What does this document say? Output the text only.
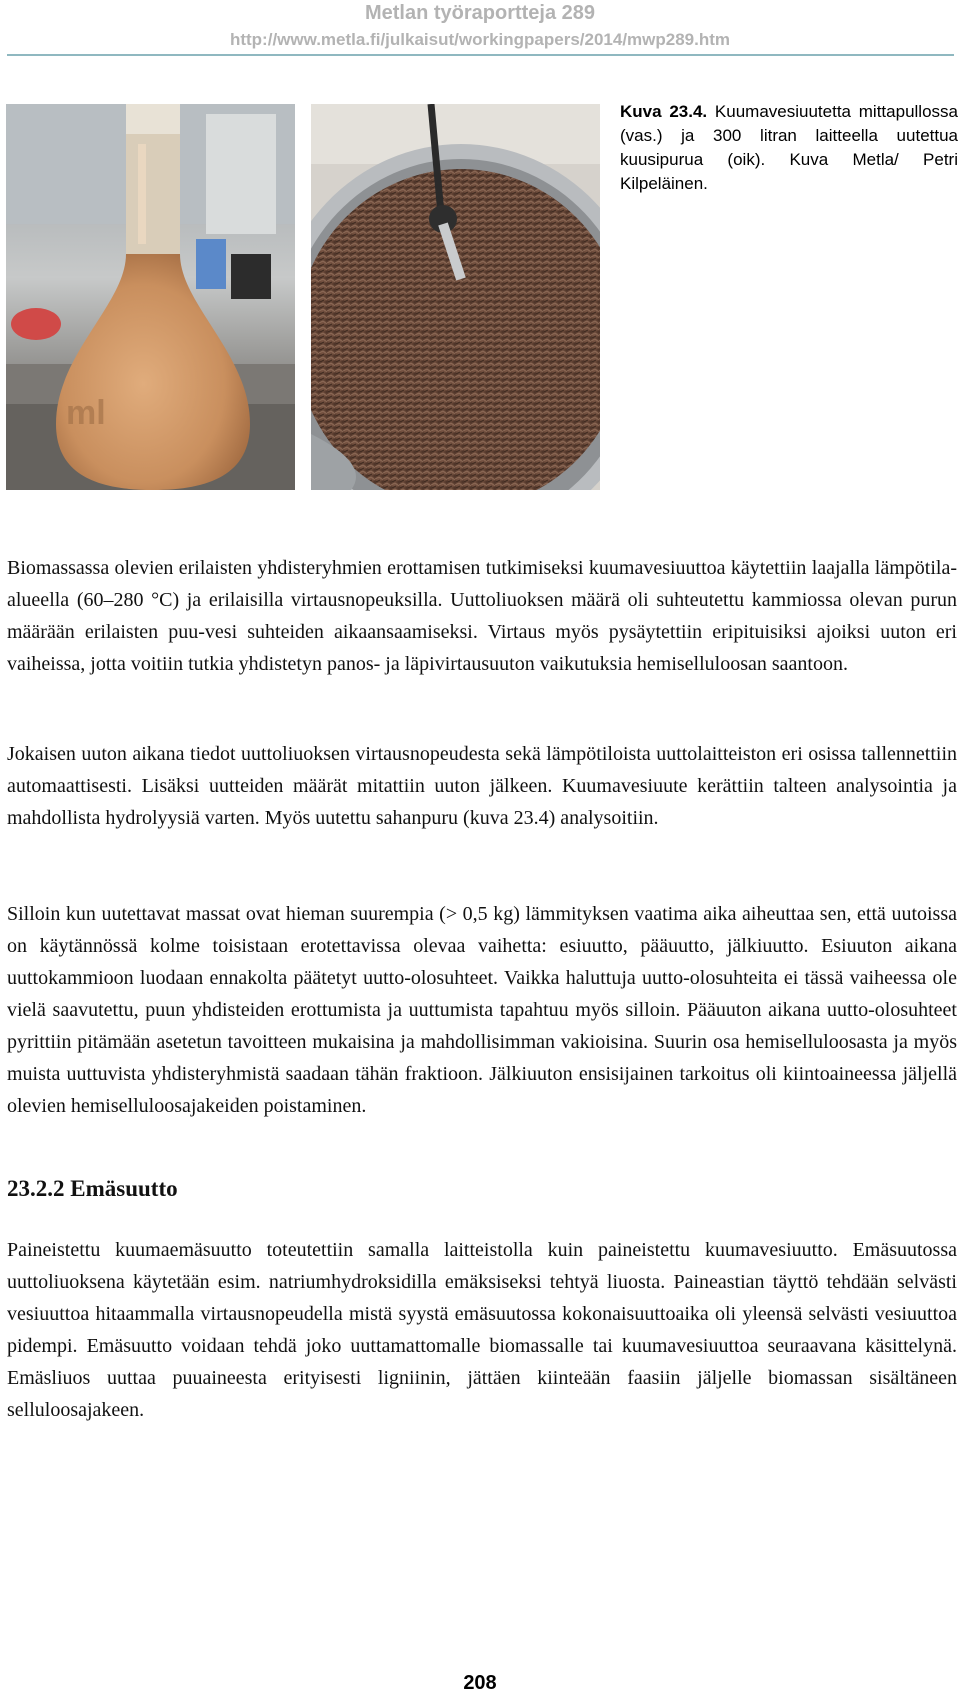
Metlan työraportteja 289
http://www.metla.fi/julkaisut/workingpapers/2014/mwp289.htm
ml
Kuva 23.4. Kuumavesiuutetta mittapullossa (vas.) ja 300 litran laitteella uutettua kuusipurua (oik). Kuva Metla/ Petri Kilpeläinen.

Biomassassa olevien erilaisten yhdisteryhmien erottamisen tutkimiseksi kuumavesiuuttoa käytettiin laajalla lämpötila-alueella (60–280 °C) ja erilaisilla virtausnopeuksilla. Uuttoliuoksen määrä oli suhteutettu kammiossa olevan purun määrään erilaisten puu-vesi suhteiden aikaansaamiseksi. Virtaus myös pysäytettiin eripituisiksi ajoiksi uuton eri vaiheissa, jotta voitiin tutkia yhdistetyn panos- ja läpivirtausuuton vaikutuksia hemiselluloosan saantoon.

Jokaisen uuton aikana tiedot uuttoliuoksen virtausnopeudesta sekä lämpötiloista uuttolaitteiston eri osissa tallennettiin automaattisesti. Lisäksi uutteiden määrät mitattiin uuton jälkeen. Kuumavesiuute kerättiin talteen analysointia ja mahdollista hydrolyysiä varten. Myös uutettu sahanpuru (kuva 23.4) analysoitiin.

Silloin kun uutettavat massat ovat hieman suurempia (> 0,5 kg) lämmityksen vaatima aika aiheuttaa sen, että uutoissa on käytännössä kolme toisistaan erotettavissa olevaa vaihetta: esiuutto, pääuutto, jälkiuutto. Esiuuton aikana uuttokammioon luodaan ennakolta päätetyt uutto-olosuhteet. Vaikka haluttuja uutto-olosuhteita ei tässä vaiheessa ole vielä saavutettu, puun yhdisteiden erottumista ja uuttumista tapahtuu myös silloin. Pääuuton aikana uutto-olosuhteet pyrittiin pitämään asetetun tavoitteen mukaisina ja mahdollisimman vakioisina. Suurin osa hemiselluloosasta ja myös muista uuttuvista yhdisteryhmistä saadaan tähän fraktioon. Jälkiuuton ensisijainen tarkoitus oli kiintoaineessa jäljellä olevien hemiselluloosajakeiden poistaminen.

23.2.2 Emäsuutto

Paineistettu kuumaemäsuutto toteutettiin samalla laitteistolla kuin paineistettu kuumavesiuutto. Emäsuutossa uuttoliuoksena käytetään esim. natriumhydroksidilla emäksiseksi tehtyä liuosta. Paineastian täyttö tehdään selvästi vesiuuttoa hitaammalla virtausnopeudella mistä syystä emäsuutossa kokonaisuuttoaika oli yleensä selvästi vesiuuttoa pidempi. Emäsuutto voidaan tehdä joko uuttamattomalle biomassalle tai kuumavesiuuttoa seuraavana käsittelynä. Emäsliuos uuttaa puuaineesta erityisesti ligniinin, jättäen kiinteään faasiin jäljelle biomassan sisältäneen selluloosajakeen.

208
